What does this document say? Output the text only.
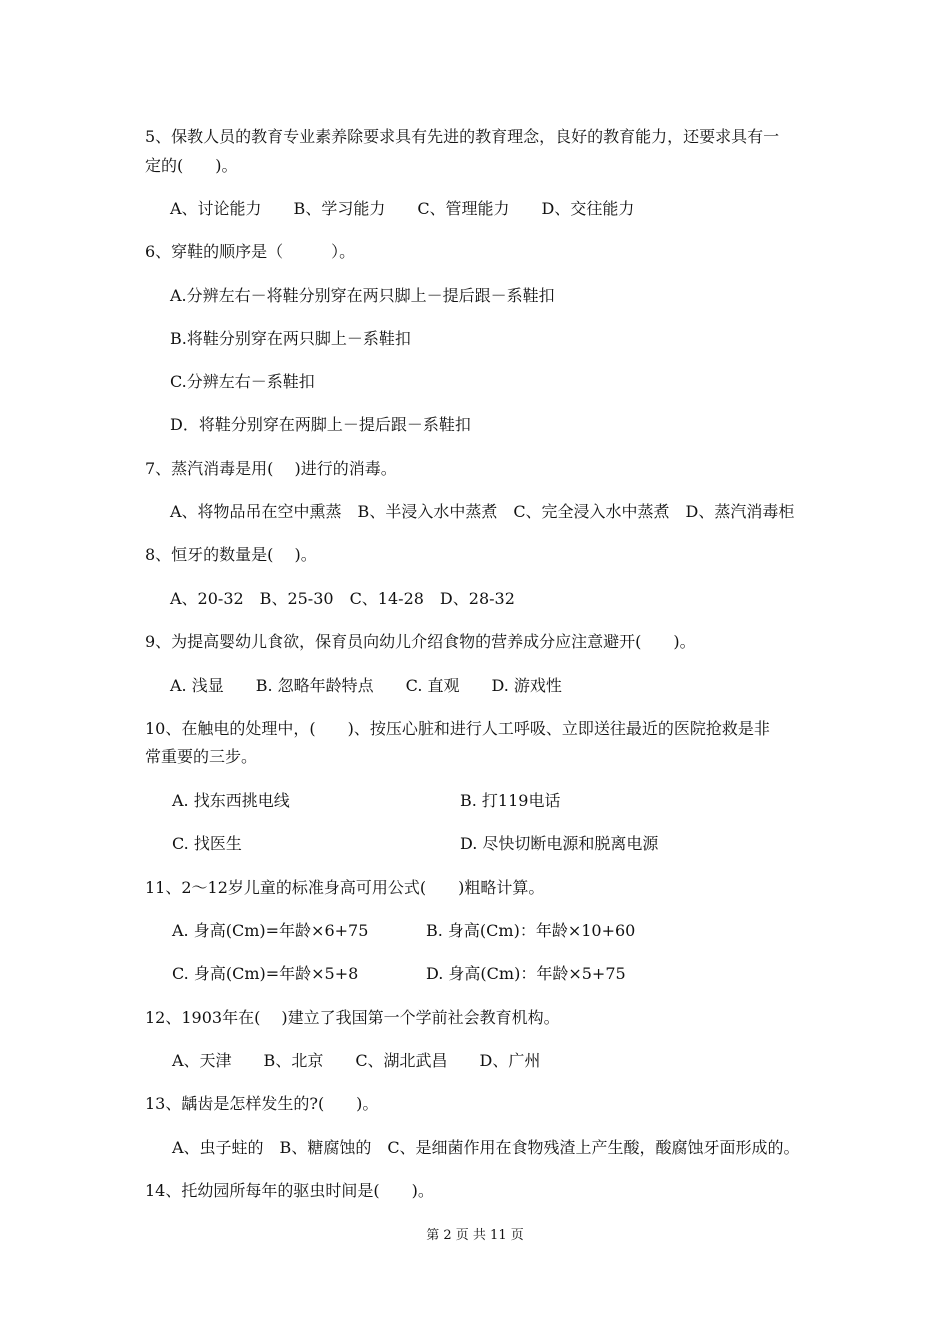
5、保教人员的教育专业素养除要求具有先进的教育理念，良好的教育能力，还要求具有一
定的(　　)。
A、讨论能力　　B、学习能力　　C、管理能力　　D、交往能力
6、穿鞋的顺序是（　　　）。
A.分辨左右－将鞋分别穿在两只脚上－提后跟－系鞋扣
B.将鞋分别穿在两只脚上－系鞋扣
C.分辨左右－系鞋扣
D．将鞋分别穿在两脚上－提后跟－系鞋扣
7、蒸汽消毒是用(　 )进行的消毒。
A、将物品吊在空中熏蒸　B、半浸入水中蒸煮　C、完全浸入水中蒸煮　D、蒸汽消毒柜
8、恒牙的数量是(　 )。
A、20-32　B、25-30　C、14-28　D、28-32
9、为提高婴幼儿食欲，保育员向幼儿介绍食物的营养成分应注意避开(　　)。
A. 浅显　　B. 忽略年龄特点　　C. 直观　　D. 游戏性
10、在触电的处理中，(　　)、按压心脏和进行人工呼吸、立即送往最近的医院抢救是非
常重要的三步。
A. 找东西挑电线	B. 打119电话
C. 找医生	D. 尽快切断电源和脱离电源
11、2～12岁儿童的标准身高可用公式(　　)粗略计算。
A. 身高(Cm)=年龄×6+75	B. 身高(Cm)：年龄×10+60
C. 身高(Cm)=年龄×5+8	D. 身高(Cm)：年龄×5+75
12、1903年在(　 )建立了我国第一个学前社会教育机构。
A、天津　　B、北京　　C、湖北武昌　　D、广州
13、龋齿是怎样发生的?(　　)。
A、虫子蛀的　B、糖腐蚀的　C、是细菌作用在食物残渣上产生酸，酸腐蚀牙面形成的。
14、托幼园所每年的驱虫时间是(　　)。
第 2 页 共 11 页
